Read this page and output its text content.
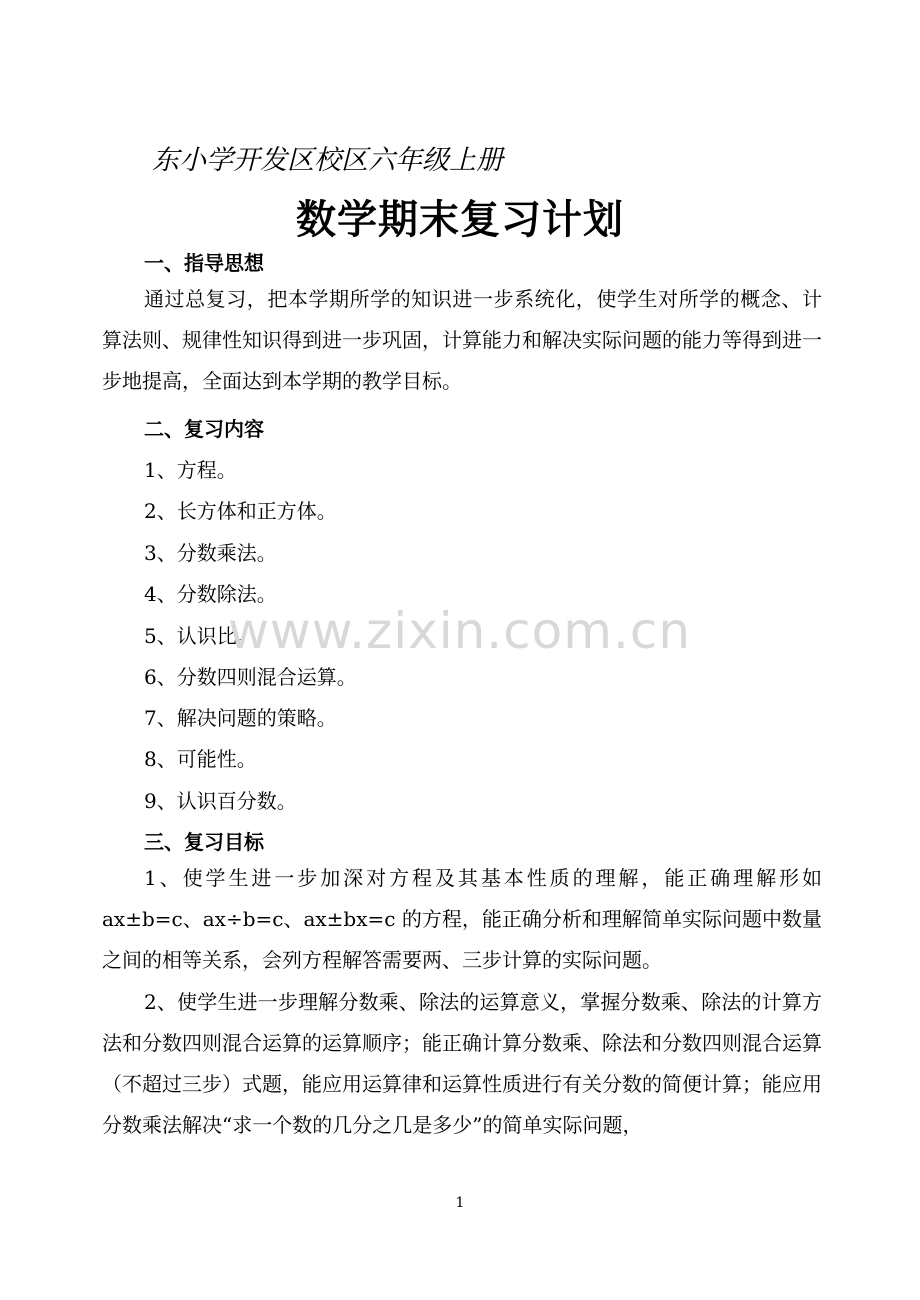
东小学开发区校区六年级上册
数学期末复习计划
一、指导思想
通过总复习，把本学期所学的知识进一步系统化，使学生对所学的概念、计算法则、规律性知识得到进一步巩固，计算能力和解决实际问题的能力等得到进一步地提高，全面达到本学期的教学目标。
二、复习内容
1、方程。
2、长方体和正方体。
3、分数乘法。
4、分数除法。
5、认识比。
6、分数四则混合运算。
7、解决问题的策略。
8、可能性。
9、认识百分数。
三、复习目标
1、使学生进一步加深对方程及其基本性质的理解，能正确理解形如 ax±b=c、ax÷b=c、ax±bx=c 的方程，能正确分析和理解简单实际问题中数量之间的相等关系，会列方程解答需要两、三步计算的实际问题。
2、使学生进一步理解分数乘、除法的运算意义，掌握分数乘、除法的计算方法和分数四则混合运算的运算顺序；能正确计算分数乘、除法和分数四则混合运算（不超过三步）式题，能应用运算律和运算性质进行有关分数的简便计算；能应用分数乘法解决“求一个数的几分之几是多少”的简单实际问题，
www.zixin.com.cn
1
